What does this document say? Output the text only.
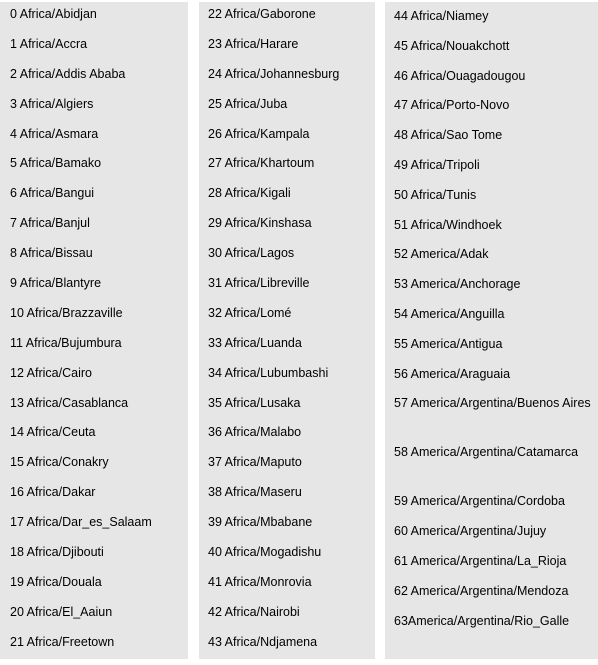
0 Africa/Abidjan
1 Africa/Accra
2 Africa/Addis Ababa
3 Africa/Algiers
4 Africa/Asmara
5 Africa/Bamako
6 Africa/Bangui
7 Africa/Banjul
8 Africa/Bissau
9 Africa/Blantyre
10 Africa/Brazzaville
11 Africa/Bujumbura
12 Africa/Cairo
13 Africa/Casablanca
14 Africa/Ceuta
15 Africa/Conakry
16 Africa/Dakar
17 Africa/Dar_es_Salaam
18 Africa/Djibouti
19 Africa/Douala
20 Africa/El_Aaiun
21 Africa/Freetown
22 Africa/Gaborone
23 Africa/Harare
24 Africa/Johannesburg
25 Africa/Juba
26 Africa/Kampala
27 Africa/Khartoum
28 Africa/Kigali
29 Africa/Kinshasa
30 Africa/Lagos
31 Africa/Libreville
32 Africa/Lomé
33 Africa/Luanda
34 Africa/Lubumbashi
35 Africa/Lusaka
36 Africa/Malabo
37 Africa/Maputo
38 Africa/Maseru
39 Africa/Mbabane
40 Africa/Mogadishu
41 Africa/Monrovia
42 Africa/Nairobi
43 Africa/Ndjamena
44 Africa/Niamey
45 Africa/Nouakchott
46 Africa/Ouagadougou
47 Africa/Porto-Novo
48 Africa/Sao Tome
49 Africa/Tripoli
50 Africa/Tunis
51 Africa/Windhoek
52 America/Adak
53 America/Anchorage
54 America/Anguilla
55 America/Antigua
56 America/Araguaia
57 America/Argentina/Buenos Aires
58 America/Argentina/Catamarca
59 America/Argentina/Cordoba
60 America/Argentina/Jujuy
61 America/Argentina/La_Rioja
62 America/Argentina/Mendoza
63America/Argentina/Rio_Galle
